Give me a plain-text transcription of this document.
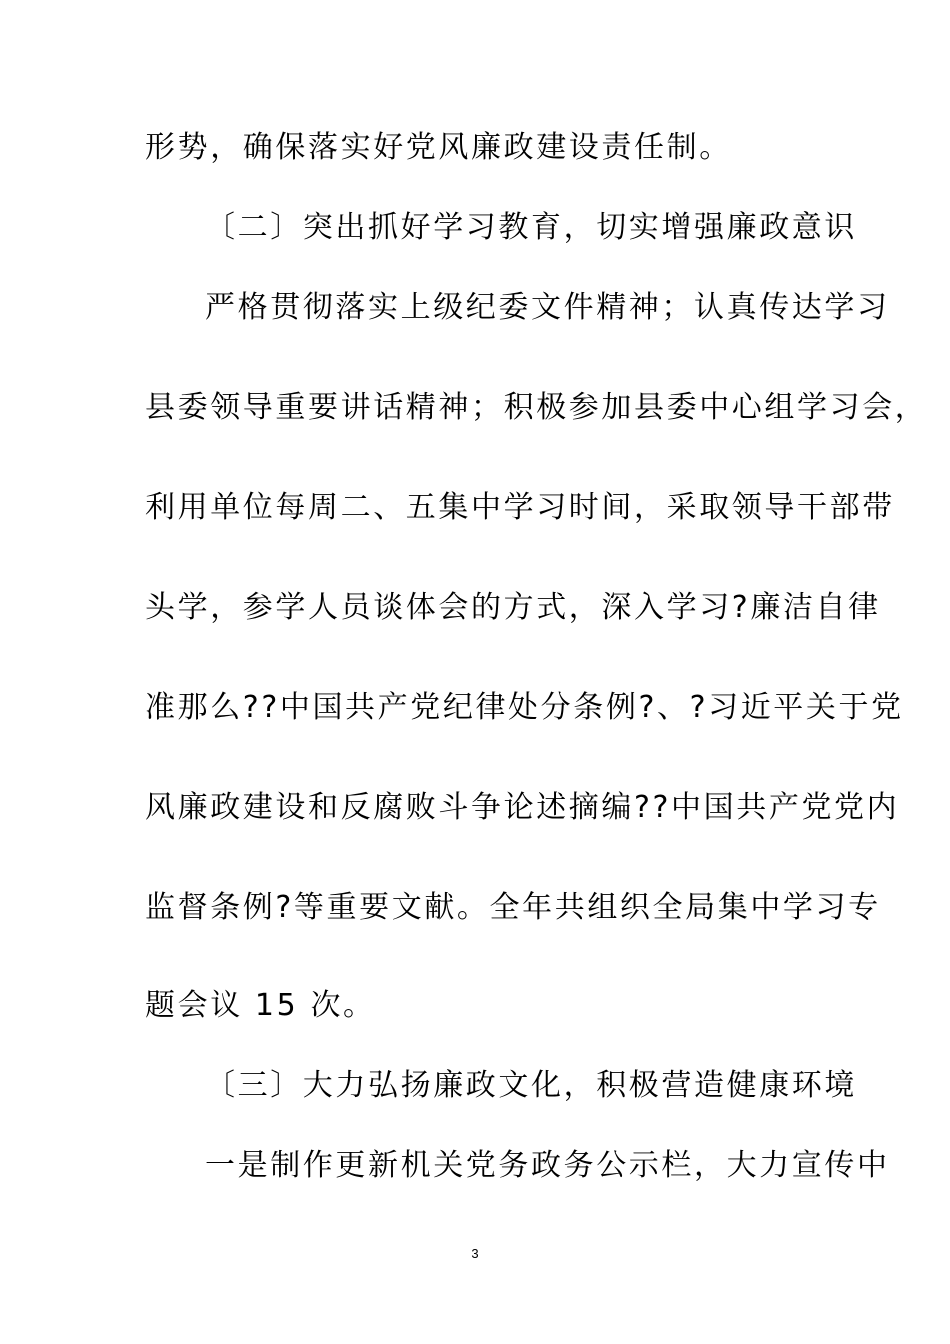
形势，确保落实好党风廉政建设责任制。
〔二〕突出抓好学习教育，切实增强廉政意识
严格贯彻落实上级纪委文件精神；认真传达学习
县委领导重要讲话精神；积极参加县委中心组学习会，
利用单位每周二、五集中学习时间，采取领导干部带
头学，参学人员谈体会的方式，深入学习?廉洁自律
准那么??中国共产党纪律处分条例?、?习近平关于党
风廉政建设和反腐败斗争论述摘编??中国共产党党内
监督条例?等重要文献。全年共组织全局集中学习专
题会议 15 次。
〔三〕大力弘扬廉政文化，积极营造健康环境
一是制作更新机关党务政务公示栏，大力宣传中
3
